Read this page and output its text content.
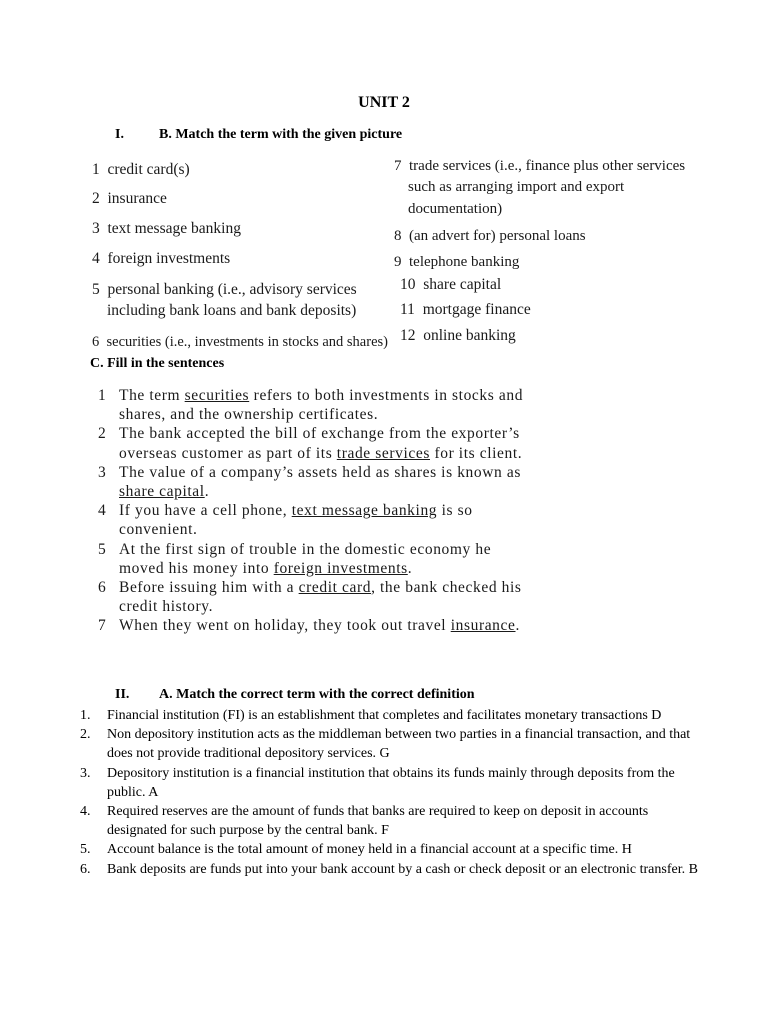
UNIT 2
I.	B. Match the term with the given picture
1 credit card(s)
2 insurance
3 text message banking
4 foreign investments
5 personal banking (i.e., advisory services
including bank loans and bank deposits)
6 securities (i.e., investments in stocks and shares)
7 trade services (i.e., finance plus other services
such as arranging import and export
documentation)
8 (an advert for) personal loans
9 telephone banking
10 share capital
11 mortgage finance
12 online banking
C. Fill in the sentences
1 The term securities refers to both investments in stocks and shares, and the ownership certificates.
2 The bank accepted the bill of exchange from the exporter’s overseas customer as part of its trade services for its client.
3 The value of a company’s assets held as shares is known as share capital.
4 If you have a cell phone, text message banking is so convenient.
5 At the first sign of trouble in the domestic economy he moved his money into foreign investments.
6 Before issuing him with a credit card, the bank checked his credit history.
7 When they went on holiday, they took out travel insurance.
II. A. Match the correct term with the correct definition
1. Financial institution (FI) is an establishment that completes and facilitates monetary transactions D
2. Non depository institution acts as the middleman between two parties in a financial transaction, and that does not provide traditional depository services. G
3. Depository institution is a financial institution that obtains its funds mainly through deposits from the public. A
4. Required reserves are the amount of funds that banks are required to keep on deposit in accounts designated for such purpose by the central bank. F
5. Account balance is the total amount of money held in a financial account at a specific time. H
6. Bank deposits are funds put into your bank account by a cash or check deposit or an electronic transfer. B
